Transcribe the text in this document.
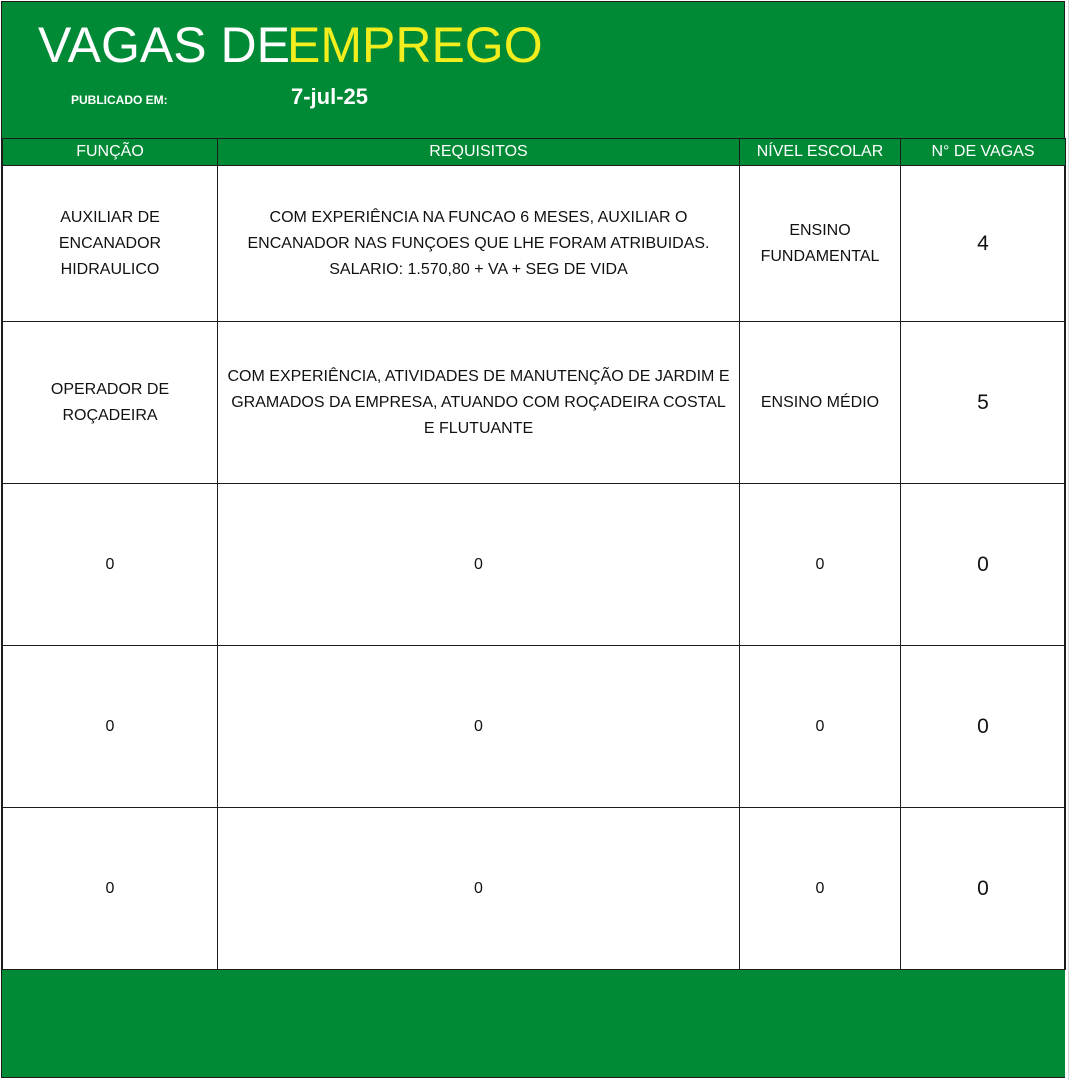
VAGAS DE
EMPREGO
PUBLICADO EM:	7-jul-25
FUNÇÃO	REQUISITOS	NÍVEL ESCOLAR	N° DE VAGAS
AUXILIAR DE ENCANADOR HIDRAULICO	COM EXPERIÊNCIA NA FUNCAO 6 MESES, AUXILIAR O ENCANADOR NAS FUNÇOES QUE LHE FORAM ATRIBUIDAS. SALARIO: 1.570,80 + VA + SEG DE VIDA	ENSINO FUNDAMENTAL	4
OPERADOR DE ROÇADEIRA	COM EXPERIÊNCIA, ATIVIDADES DE MANUTENÇÃO DE JARDIM E GRAMADOS DA EMPRESA, ATUANDO COM ROÇADEIRA COSTAL E FLUTUANTE	ENSINO MÉDIO	5
0	0	0	0
0	0	0	0
0	0	0	0
